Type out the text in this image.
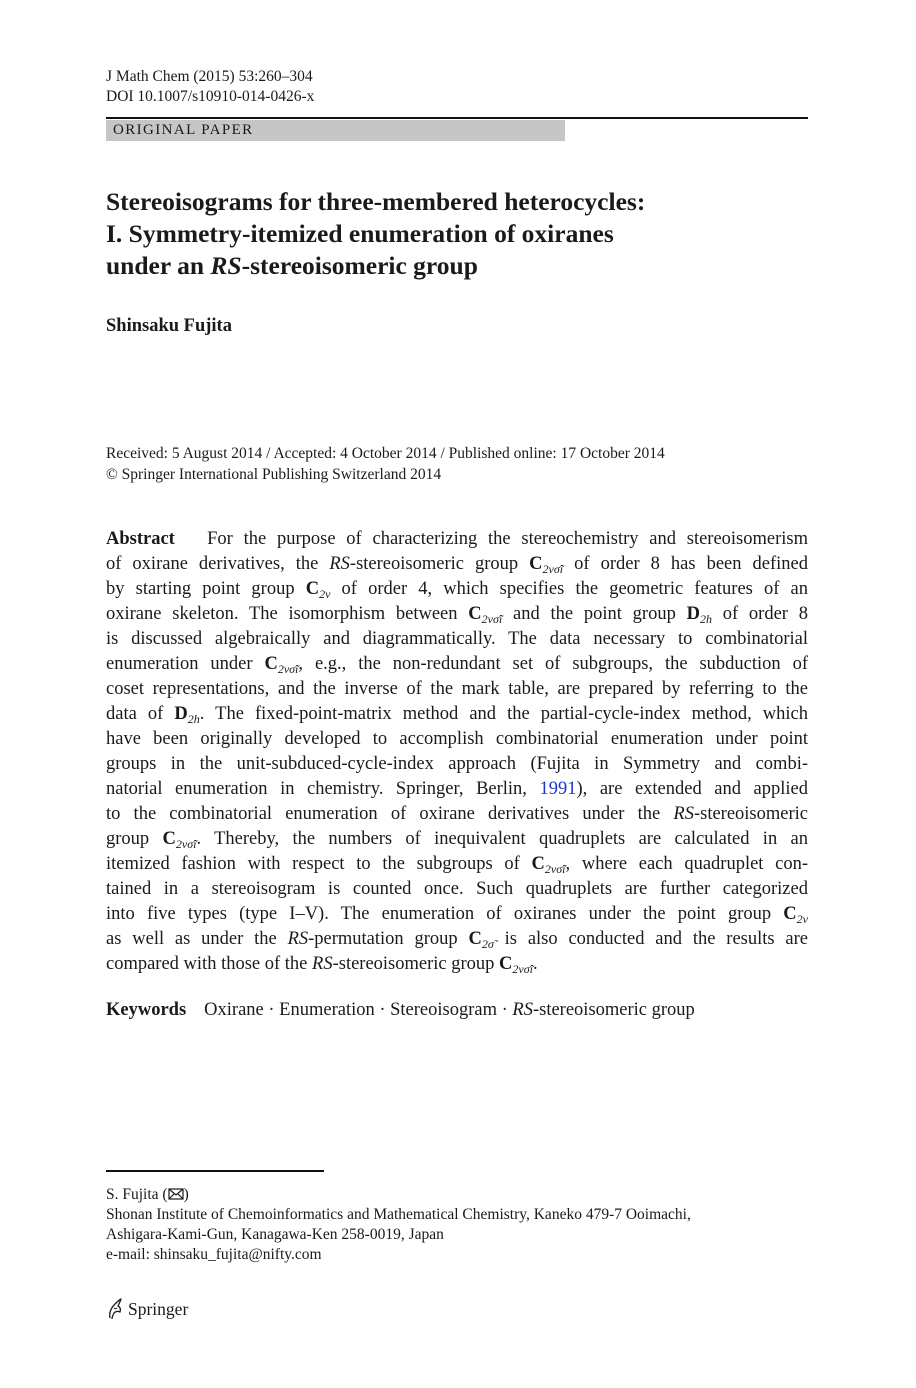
J Math Chem (2015) 53:260–304
DOI 10.1007/s10910-014-0426-x
ORIGINAL PAPER
Stereoisograms for three-membered heterocycles:
I. Symmetry-itemized enumeration of oxiranes
under an RS-stereoisomeric group
Shinsaku Fujita
Received: 5 August 2014 / Accepted: 4 October 2014 / Published online: 17 October 2014
© Springer International Publishing Switzerland 2014
Abstract For the purpose of characterizing the stereochemistry and stereoisomerism
of oxirane derivatives, the RS-stereoisomeric group $C_{2v\sigmãî}$ of order 8 has been defined
by starting point group $C_{2v}$ of order 4, which specifies the geometric features of an
oxirane skeleton. The isomorphism between $C_{2v\sigmãî}$ and the point group $D_{2h}$ of order 8
is discussed algebraically and diagrammatically. The data necessary to combinatorial
enumeration under $C_{2v\sigmãî}$, e.g., the non-redundant set of subgroups, the subduction of
coset representations, and the inverse of the mark table, are prepared by referring to the
data of $D_{2h}$. The fixed-point-matrix method and the partial-cycle-index method, which
have been originally developed to accomplish combinatorial enumeration under point
groups in the unit-subduced-cycle-index approach (Fujita in Symmetry and combi-
natorial enumeration in chemistry. Springer, Berlin, 1991), are extended and applied
to the combinatorial enumeration of oxirane derivatives under the RS-stereoisomeric
group $C_{2v\sigmãî}$. Thereby, the numbers of inequivalent quadruplets are calculated in an
itemized fashion with respect to the subgroups of $C_{2v\sigmãî}$, where each quadruplet con-
tained in a stereoisogram is counted once. Such quadruplets are further categorized
into five types (type I–V). The enumeration of oxiranes under the point group $C_{2v}$
as well as under the RS-permutation group $C_{2\sigmã}$ is also conducted and the results are
compared with those of the RS-stereoisomeric group $C_{2v\sigmãî}$.
Keywords Oxirane · Enumeration · Stereoisogram · RS-stereoisomeric group
S. Fujita ( )
Shonan Institute of Chemoinformatics and Mathematical Chemistry, Kaneko 479-7 Ooimachi,
Ashigara-Kami-Gun, Kanagawa-Ken 258-0019, Japan
e-mail: shinsaku_fujita@nifty.com
Springer
